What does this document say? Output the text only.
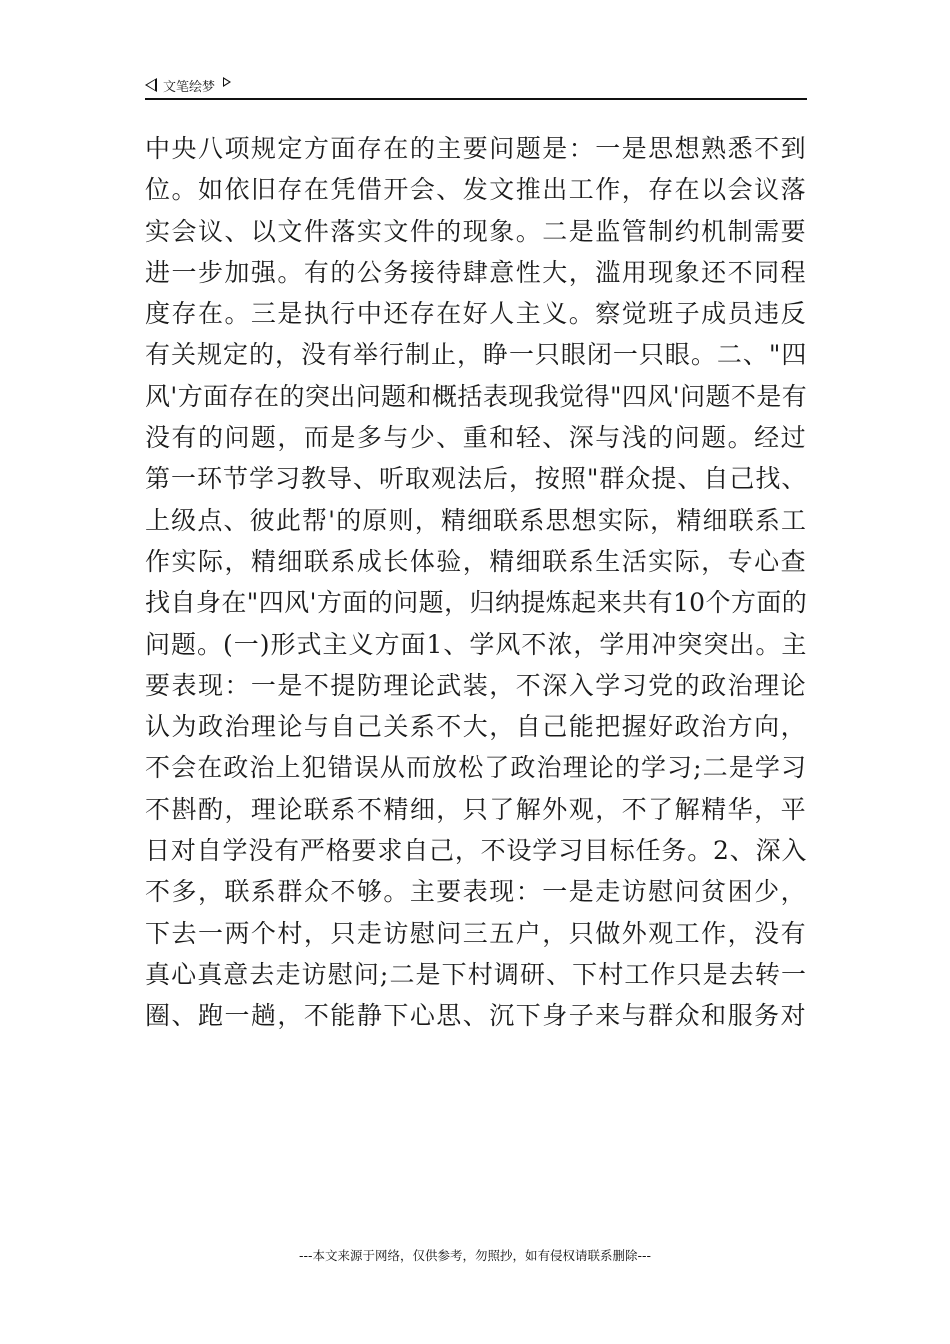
文笔绘梦
中央八项规定方面存在的主要问题是：一是思想熟悉不到
位。如依旧存在凭借开会、发文推出工作，存在以会议落
实会议、以文件落实文件的现象。二是监管制约机制需要
进一步加强。有的公务接待肆意性大，滥用现象还不同程
度存在。三是执行中还存在好人主义。察觉班子成员违反
有关规定的，没有举行制止，睁一只眼闭一只眼。二、"四
风'方面存在的突出问题和概括表现我觉得"四风'问题不是有
没有的问题，而是多与少、重和轻、深与浅的问题。经过
第一环节学习教导、听取观法后，按照"群众提、自己找、
上级点、彼此帮'的原则，精细联系思想实际，精细联系工
作实际，精细联系成长体验，精细联系生活实际，专心查
找自身在"四风'方面的问题，归纳提炼起来共有10个方面的
问题。(一)形式主义方面1、学风不浓，学用冲突突出。主
要表现：一是不提防理论武装，不深入学习党的政治理论
认为政治理论与自己关系不大，自己能把握好政治方向，
不会在政治上犯错误从而放松了政治理论的学习;二是学习
不斟酌，理论联系不精细，只了解外观，不了解精华，平
日对自学没有严格要求自己，不设学习目标任务。2、深入
不多，联系群众不够。主要表现：一是走访慰问贫困少，
下去一两个村，只走访慰问三五户，只做外观工作，没有
真心真意去走访慰问;二是下村调研、下村工作只是去转一
圈、跑一趟，不能静下心思、沉下身子来与群众和服务对
---本文来源于网络，仅供参考，勿照抄，如有侵权请联系删除---
